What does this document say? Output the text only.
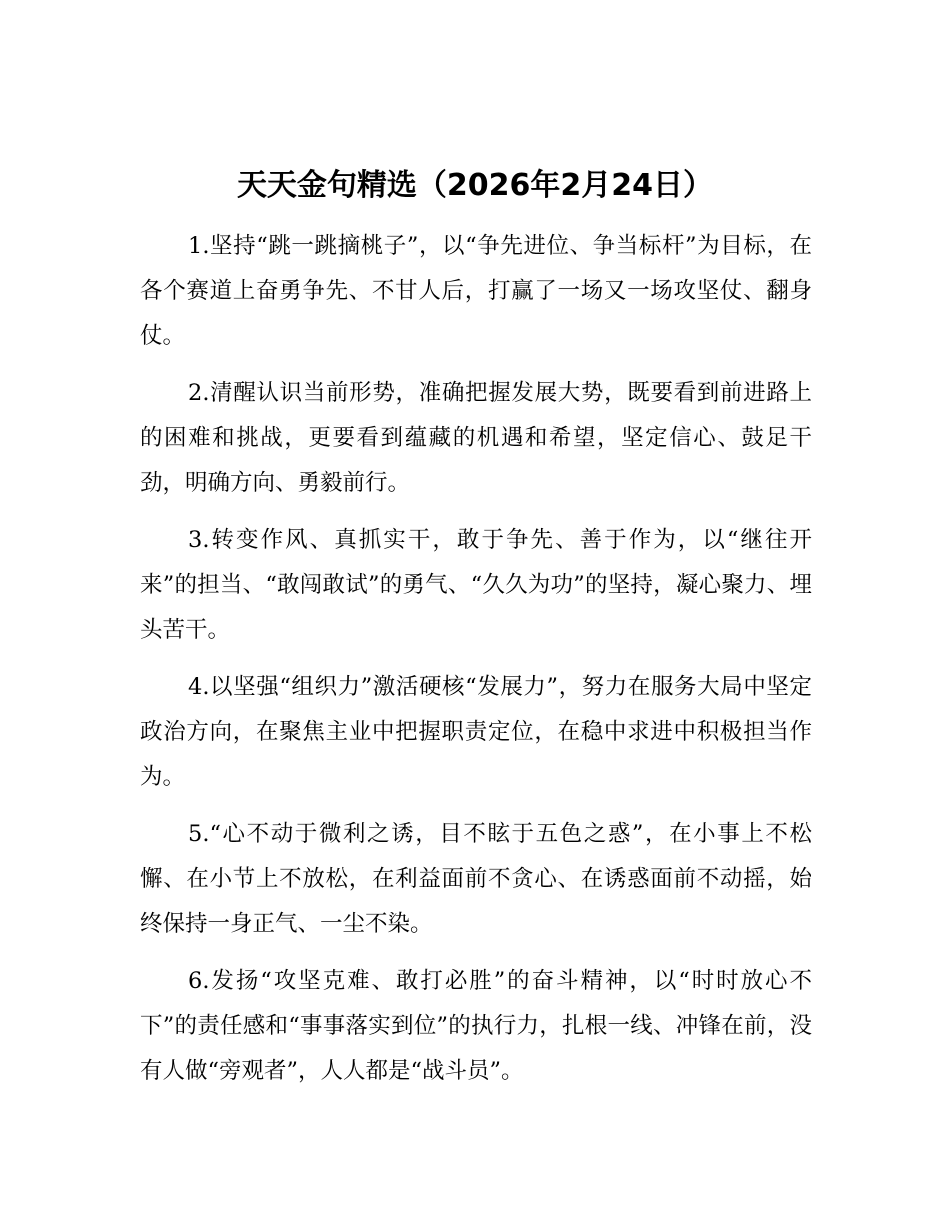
天天金句精选（2026年2月24日）

1.坚持“跳一跳摘桃子”，以“争先进位、争当标杆”为目标，在各个赛道上奋勇争先、不甘人后，打赢了一场又一场攻坚仗、翻身仗。

2.清醒认识当前形势，准确把握发展大势，既要看到前进路上的困难和挑战，更要看到蕴藏的机遇和希望，坚定信心、鼓足干劲，明确方向、勇毅前行。

3.转变作风、真抓实干，敢于争先、善于作为，以“继往开来”的担当、“敢闯敢试”的勇气、“久久为功”的坚持，凝心聚力、埋头苦干。

4.以坚强“组织力”激活硬核“发展力”，努力在服务大局中坚定政治方向，在聚焦主业中把握职责定位，在稳中求进中积极担当作为。

5.“心不动于微利之诱，目不眩于五色之惑”，在小事上不松懈、在小节上不放松，在利益面前不贪心、在诱惑面前不动摇，始终保持一身正气、一尘不染。

6.发扬“攻坚克难、敢打必胜”的奋斗精神，以“时时放心不下”的责任感和“事事落实到位”的执行力，扎根一线、冲锋在前，没有人做“旁观者”，人人都是“战斗员”。
